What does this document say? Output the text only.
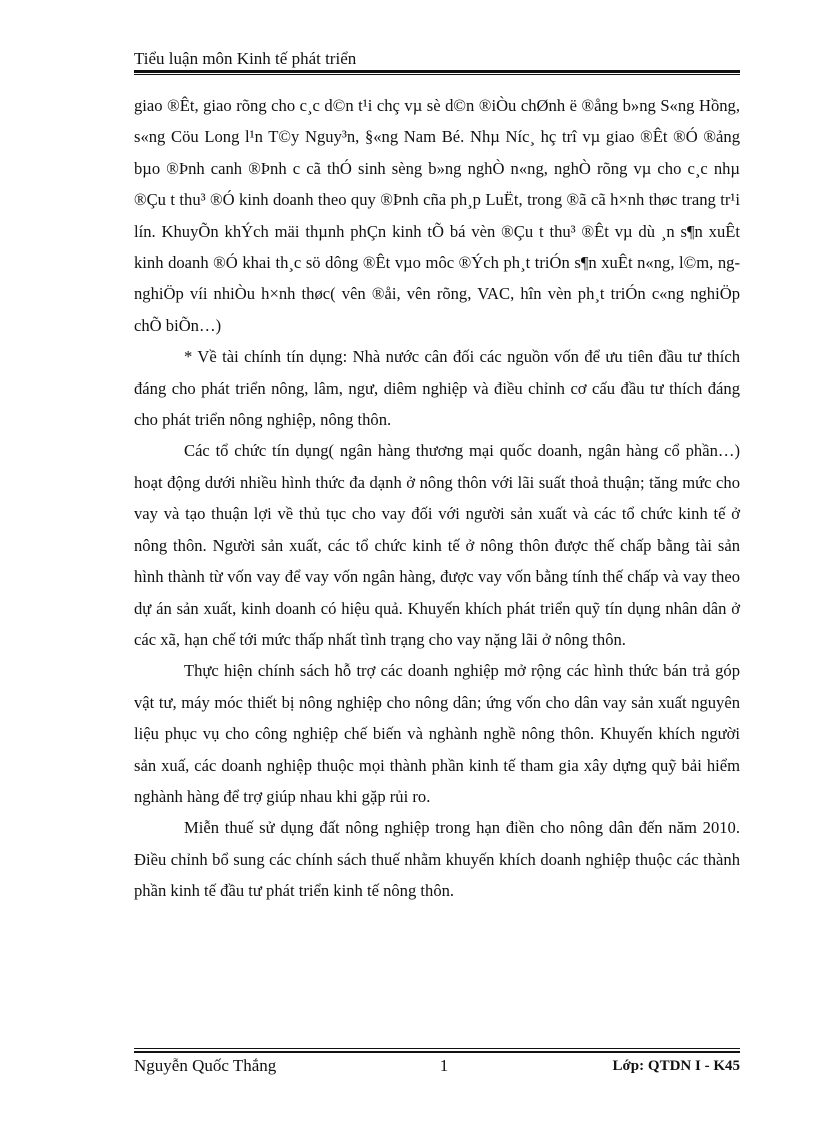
Tiểu luận môn Kinh tế phát triển

giao ®Êt, giao rõng cho c¸c d©n t¹i chç vµ sè d©n ®iÒu chØnh ë ®ång b»ng S«ng Hồng, s«ng Cöu Long l¹n T©y Nguy³n, §«ng Nam Bé. Nhµ Níc¸ hç trî vµ giao ®Êt ®Ó ®ảng bµo ®Þnh canh ®Þnh c cã thÓ sinh sèng b»ng nghÒ n«ng, nghÒ rõng vµ cho c¸c nhµ ®Çu t thu³ ®Ó kinh doanh theo quy ®Þnh cña ph¸p LuËt, trong ®ã cã h×nh thøc trang tr¹i lín. KhuyÕn khÝch mäi thµnh phÇn kinh tÕ bá vèn ®Çu t thu³ ®Êt vµ dù ¸n s¶n xuÊt kinh doanh ®Ó khai th¸c sö dông ®Êt vµo môc ®Ých ph¸t triÓn s¶n xuÊt n«ng, l©m, ng nghiÖp víi nhiÒu h×nh thøc( vên ®åi, vên rõng, VAC, hîn vèn ph¸t triÓn c«ng nghiÖp chÕ biÕn…)

* Về tài chính tín dụng: Nhà nước cân đối các nguồn vốn để ưu tiên đầu tư thích đáng cho phát triển nông, lâm, ngư, diêm nghiệp và điều chỉnh cơ cấu đầu tư thích đáng cho phát triển nông nghiệp, nông thôn.

Các tổ chức tín dụng( ngân hàng thương mại quốc doanh, ngân hàng cổ phần…) hoạt động dưới nhiều hình thức đa dạnh ở nông thôn với lãi suất thoả thuận; tăng mức cho vay và tạo thuận lợi về thủ tục cho vay đối với người sản xuất và các tổ chức kinh tế ở nông thôn. Người sản xuất, các tổ chức kinh tế ở nông thôn được thế chấp bằng tài sản hình thành từ vốn vay để vay vốn ngân hàng, được vay vốn bằng tính thế chấp và vay theo dự án sản xuất, kinh doanh có hiệu quả. Khuyến khích phát triển quỹ tín dụng nhân dân ở các xã, hạn chế tới mức thấp nhất tình trạng cho vay nặng lãi ở nông thôn.

Thực hiện chính sách hỗ trợ các doanh nghiệp mở rộng các hình thức bán trả góp vật tư, máy móc thiết bị nông nghiệp cho nông dân; ứng vốn cho dân vay sản xuất nguyên liệu phục vụ cho công nghiệp chế biến và nghành nghề nông thôn. Khuyến khích người sản xuấ, các doanh nghiệp thuộc mọi thành phần kinh tế tham gia xây dựng quỹ bải hiểm nghành hàng để trợ giúp nhau khi gặp rủi ro.

Miễn thuế sử dụng đất nông nghiệp trong hạn điền cho nông dân đến năm 2010. Điều chỉnh bổ sung các chính sách thuế nhằm khuyến khích doanh nghiệp thuộc các thành phần kinh tế đầu tư phát triển kinh tế nông thôn.

Nguyễn Quốc Thắng	1	Lớp: QTDN I - K45
